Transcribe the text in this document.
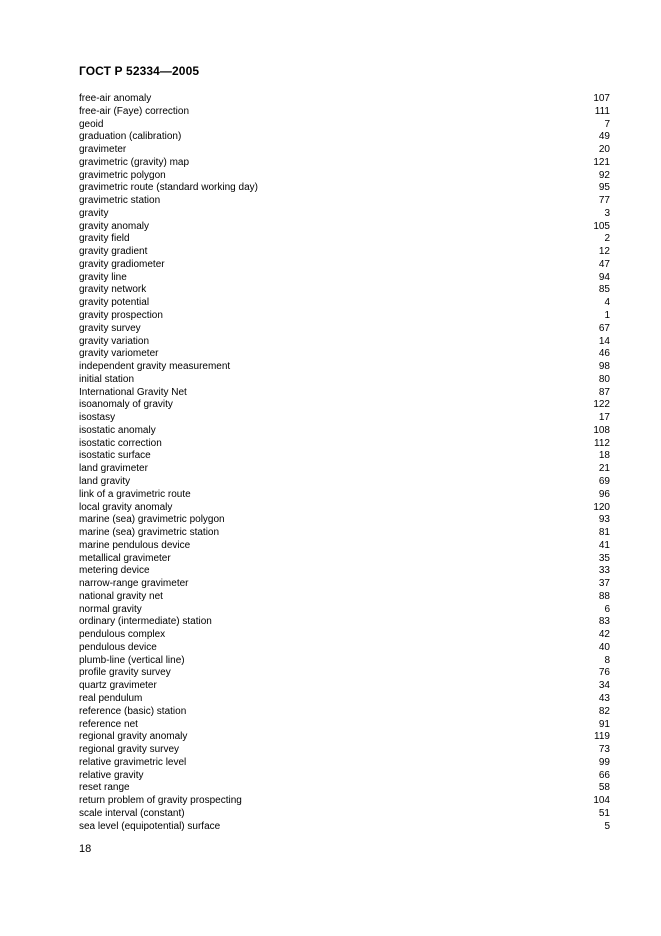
ГОСТ Р 52334—2005
free-air anomaly	107
free-air (Faye) correction	111
geoid	7
graduation (calibration)	49
gravimeter	20
gravimetric (gravity) map	121
gravimetric polygon	92
gravimetric route (standard working day)	95
gravimetric station	77
gravity	3
gravity anomaly	105
gravity field	2
gravity gradient	12
gravity gradiometer	47
gravity line	94
gravity network	85
gravity potential	4
gravity prospection	1
gravity survey	67
gravity variation	14
gravity variometer	46
independent gravity measurement	98
initial station	80
International Gravity Net	87
isoanomaly of gravity	122
isostasy	17
isostatic anomaly	108
isostatic correction	112
isostatic surface	18
land gravimeter	21
land gravity	69
link of a gravimetric route	96
local gravity anomaly	120
marine (sea) gravimetric polygon	93
marine (sea) gravimetric station	81
marine pendulous device	41
metallical gravimeter	35
metering device	33
narrow-range gravimeter	37
national gravity net	88
normal gravity	6
ordinary (intermediate) station	83
pendulous complex	42
pendulous device	40
plumb-line (vertical line)	8
profile gravity survey	76
quartz gravimeter	34
real pendulum	43
reference (basic) station	82
reference net	91
regional gravity anomaly	119
regional gravity survey	73
relative gravimetric level	99
relative gravity	66
reset range	58
return problem of gravity prospecting	104
scale interval (constant)	51
sea level (equipotential) surface	5
18
